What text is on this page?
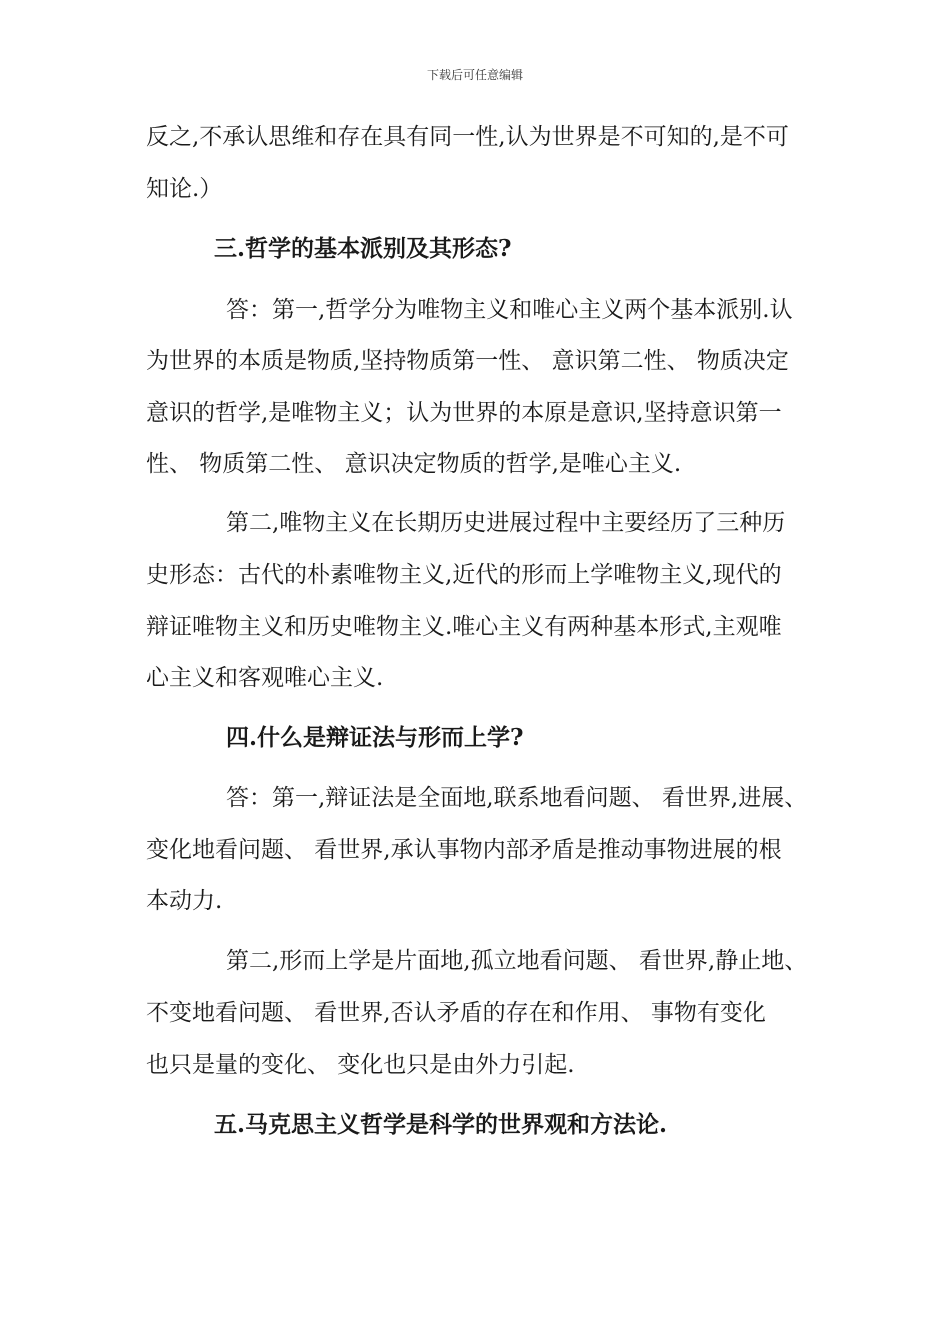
下载后可任意编辑
反之,不承认思维和存在具有同一性,认为世界是不可知的,是不可
知论.）
三.哲学的基本派别及其形态?
答：第一,哲学分为唯物主义和唯心主义两个基本派别.认
为世界的本质是物质,坚持物质第一性、 意识第二性、 物质决定
意识的哲学,是唯物主义；认为世界的本原是意识,坚持意识第一
性、 物质第二性、 意识决定物质的哲学,是唯心主义.
第二,唯物主义在长期历史进展过程中主要经历了三种历
史形态：古代的朴素唯物主义,近代的形而上学唯物主义,现代的
辩证唯物主义和历史唯物主义.唯心主义有两种基本形式,主观唯
心主义和客观唯心主义.
四.什么是辩证法与形而上学?
答：第一,辩证法是全面地,联系地看问题、 看世界,进展、
变化地看问题、 看世界,承认事物内部矛盾是推动事物进展的根
本动力.
第二,形而上学是片面地,孤立地看问题、 看世界,静止地、
不变地看问题、 看世界,否认矛盾的存在和作用、 事物有变化
也只是量的变化、 变化也只是由外力引起.
五.马克思主义哲学是科学的世界观和方法论.
